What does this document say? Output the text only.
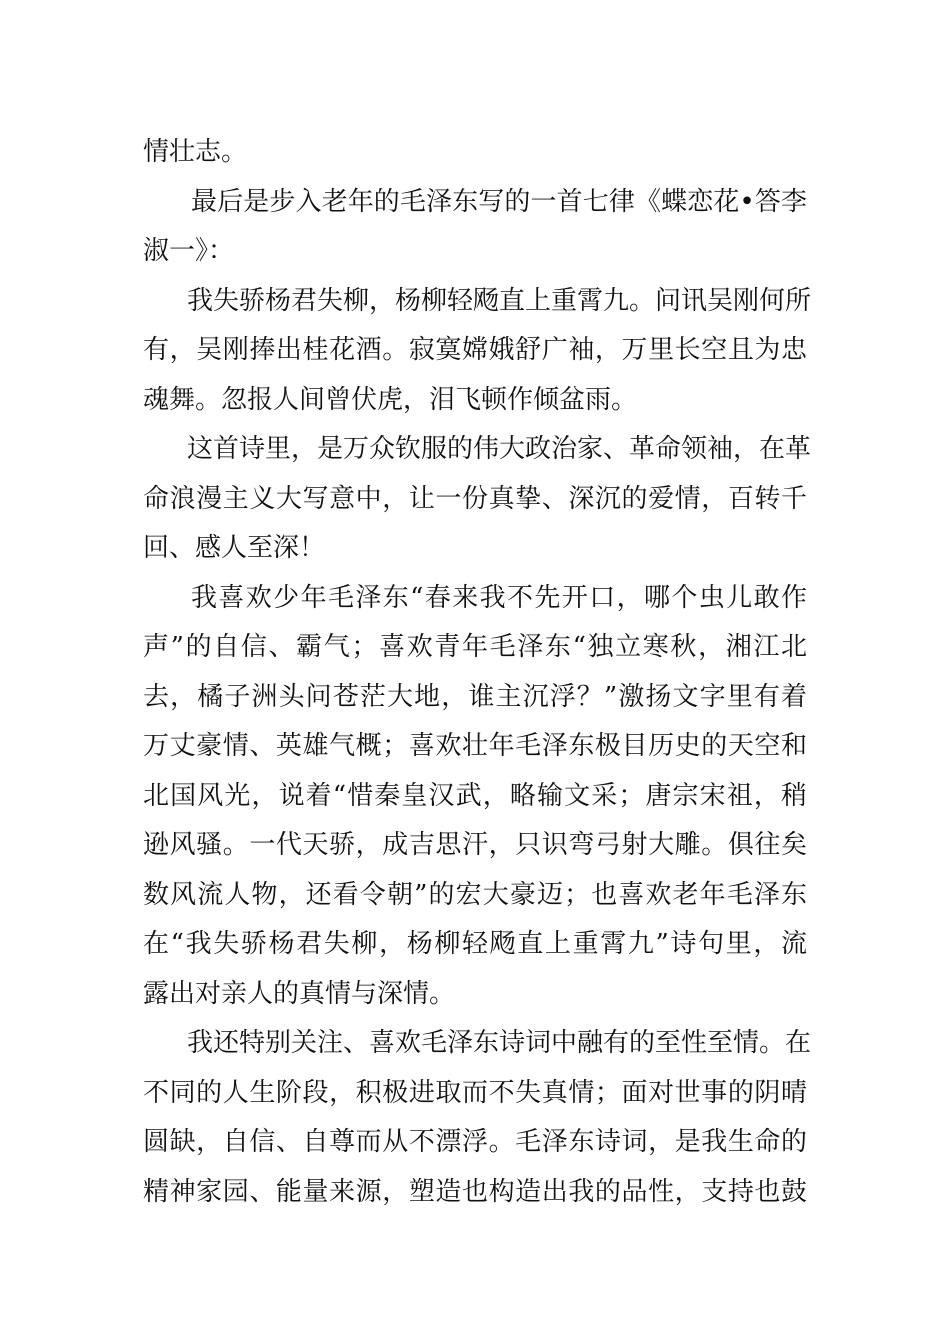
情壮志。

最后是步入老年的毛泽东写的一首七律《蝶恋花•答李
淑一》：

我失骄杨君失柳，杨柳轻飏直上重霄九。问讯吴刚何所
有，吴刚捧出桂花酒。寂寞嫦娥舒广袖，万里长空且为忠
魂舞。忽报人间曾伏虎，泪飞顿作倾盆雨。

这首诗里，是万众钦服的伟大政治家、革命领袖，在革
命浪漫主义大写意中，让一份真挚、深沉的爱情，百转千
回、感人至深！

我喜欢少年毛泽东“春来我不先开口，哪个虫儿敢作
声”的自信、霸气；喜欢青年毛泽东“独立寒秋，湘江北
去，橘子洲头问苍茫大地，谁主沉浮？”激扬文字里有着
万丈豪情、英雄气概；喜欢壮年毛泽东极目历史的天空和
北国风光，说着“惜秦皇汉武，略输文采；唐宗宋祖，稍
逊风骚。一代天骄，成吉思汗，只识弯弓射大雕。俱往矣
数风流人物，还看令朝”的宏大豪迈；也喜欢老年毛泽东
在“我失骄杨君失柳，杨柳轻飏直上重霄九”诗句里，流
露出对亲人的真情与深情。

我还特别关注、喜欢毛泽东诗词中融有的至性至情。在
不同的人生阶段，积极进取而不失真情；面对世事的阴晴
圆缺，自信、自尊而从不漂浮。毛泽东诗词，是我生命的
精神家园、能量来源，塑造也构造出我的品性，支持也鼓
